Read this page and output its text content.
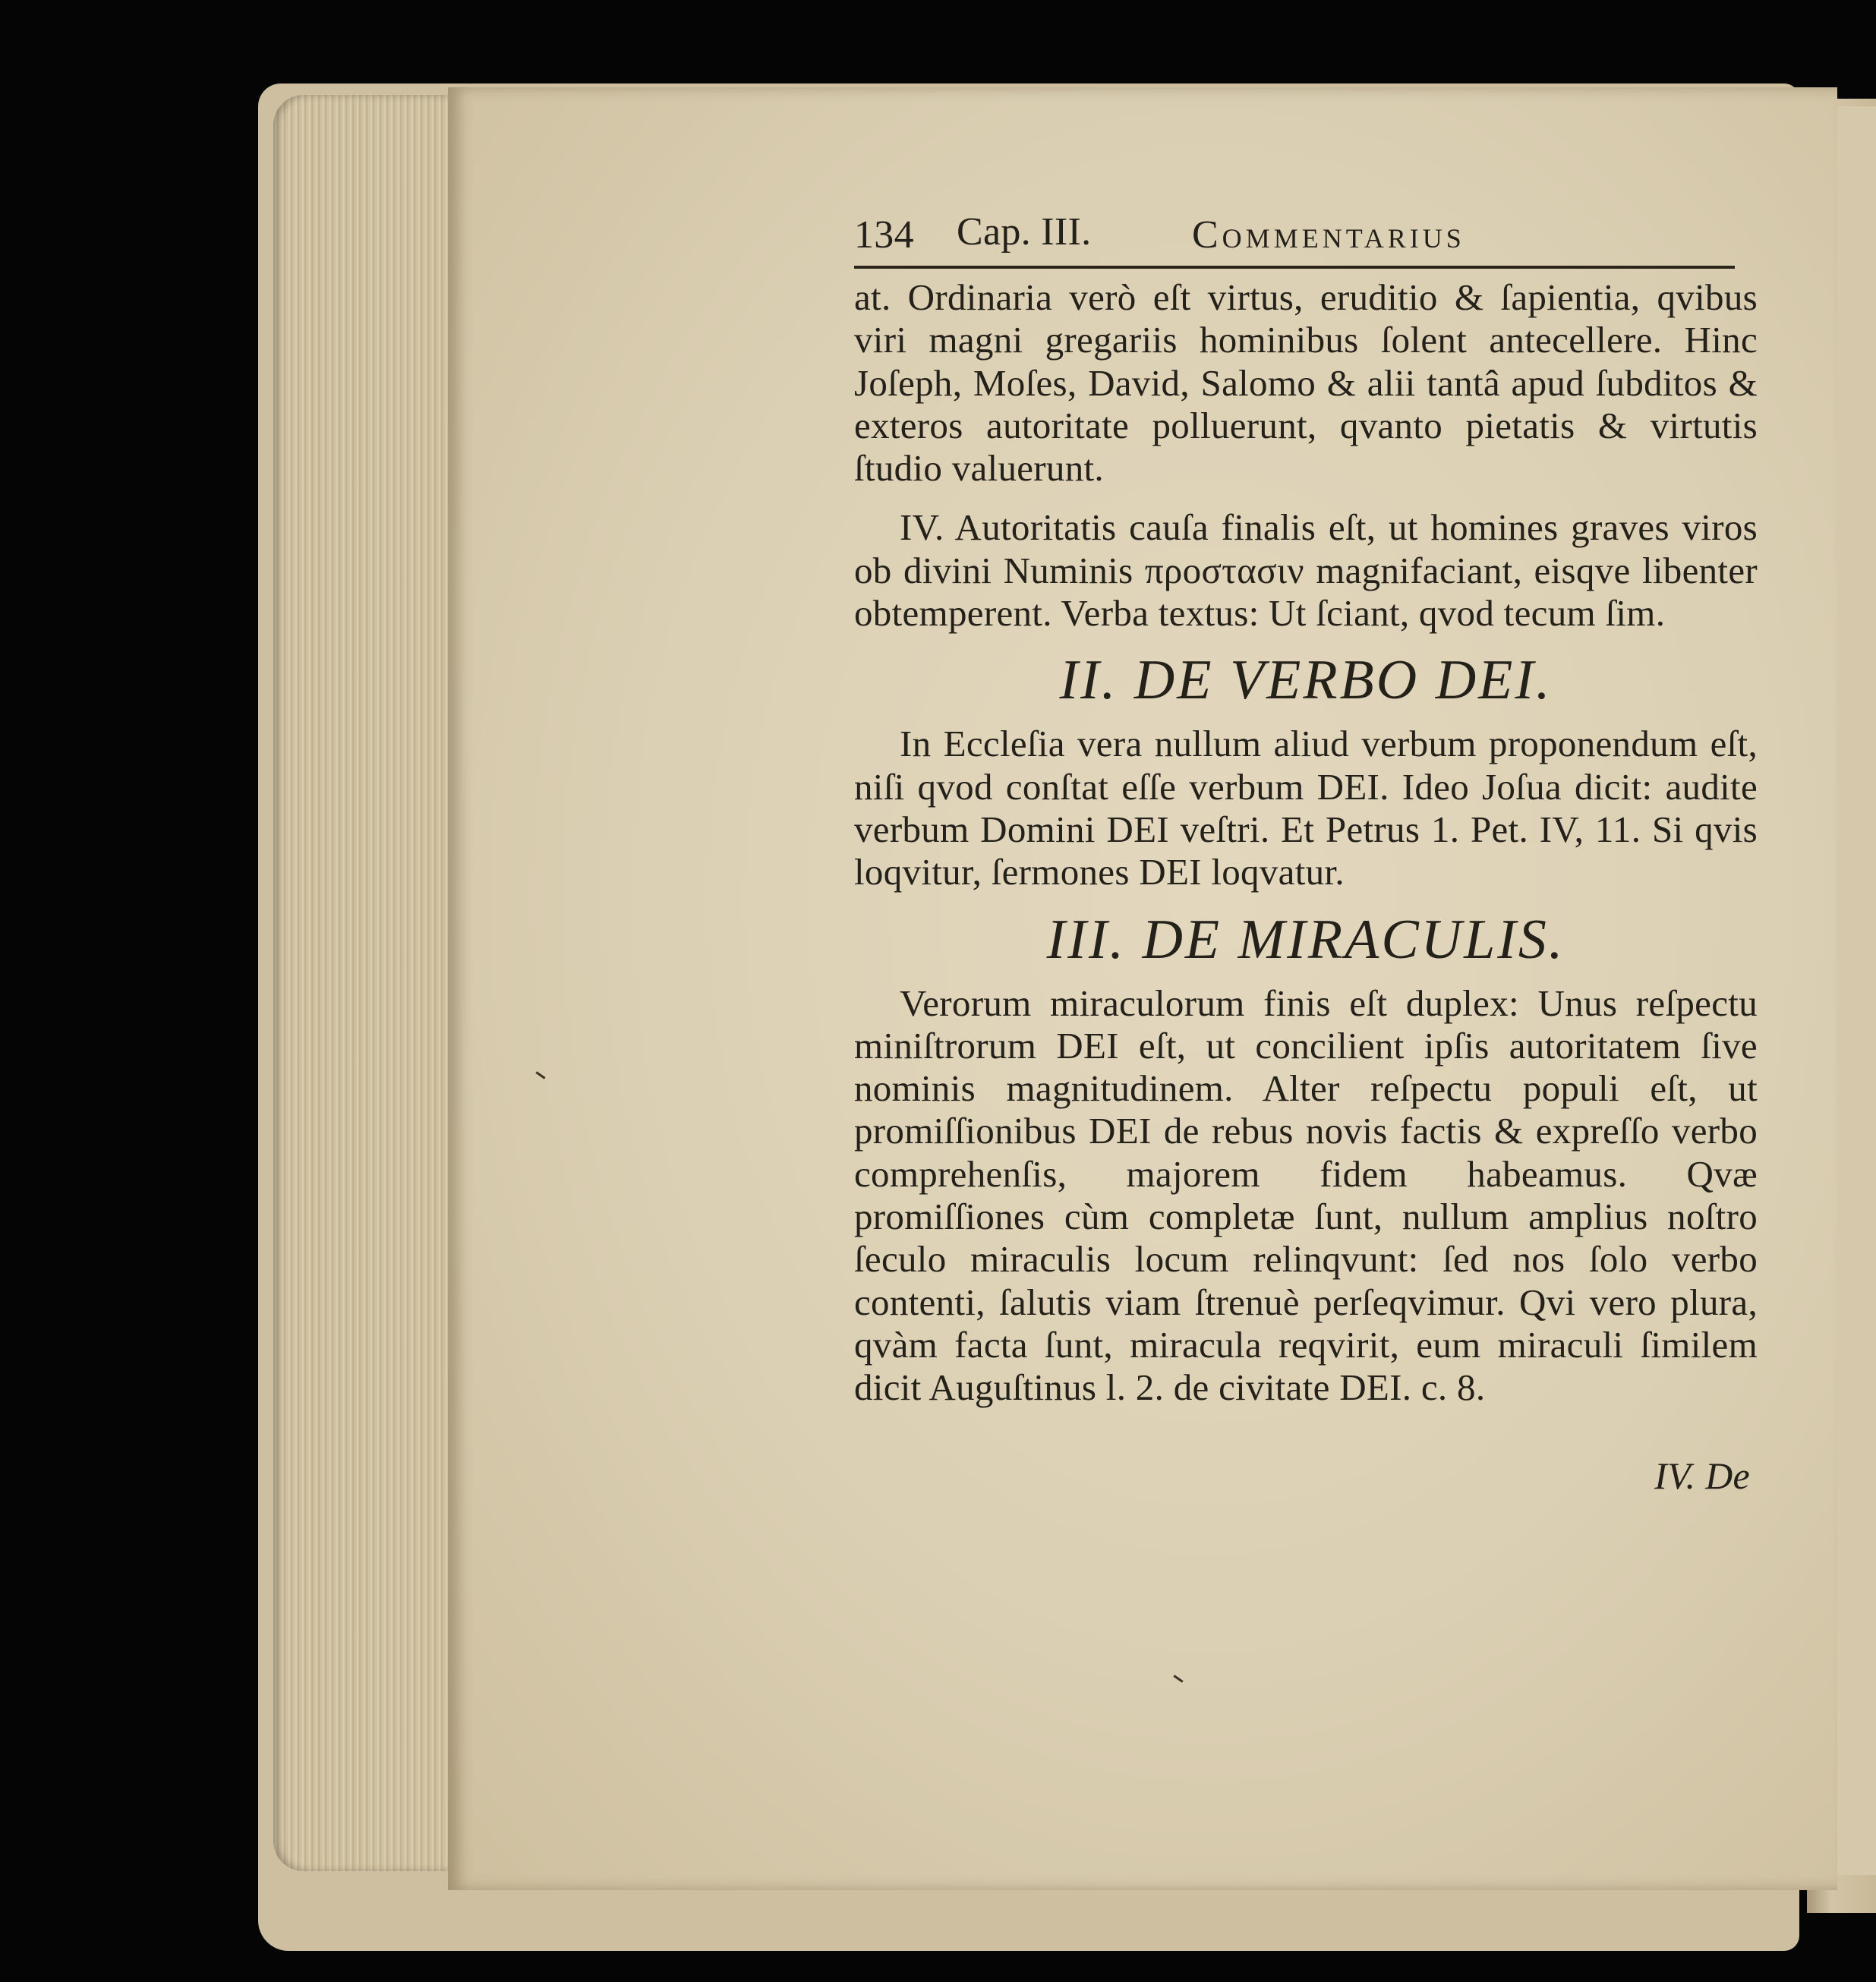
134 Cap. III.	Commentarius

at. Ordinaria verò eſt virtus, eruditio & ſapientia, qvibus viri magni gregariis hominibus ſolent antecellere. Hinc Joſeph, Moſes, David, Salomo & alii tantâ apud ſubditos & exteros autoritate polluerunt, qvanto pietatis & virtutis ſtudio valuerunt.

IV. Autoritatis cauſa finalis eſt, ut homines graves viros ob divini Numinis προστασιν magnifaciant, eisqve libenter obtemperent. Verba textus: Ut ſciant, qvod tecum ſim.

II. DE VERBO DEI.

In Eccleſia vera nullum aliud verbum proponendum eſt, niſi qvod conſtat eſſe verbum DEI. Ideo Joſua dicit: audite verbum Domini DEI veſtri. Et Petrus 1. Pet. IV, 11. Si qvis loqvitur, ſermones DEI loqvatur.

III. DE MIRACULIS.

Verorum miraculorum finis eſt duplex: Unus reſpectu miniſtrorum DEI eſt, ut concilient ipſis autoritatem ſive nominis magnitudinem. Alter reſpectu populi eſt, ut promiſſionibus DEI de rebus novis factis & expreſſo verbo comprehenſis, majorem fidem habeamus. Qvæ promiſſiones cùm completæ ſunt, nullum amplius noſtro ſeculo miraculis locum relinqvunt: ſed nos ſolo verbo contenti, ſalutis viam ſtrenuè perſeqvimur. Qvi vero plura, qvàm facta ſunt, miracula reqvirit, eum miraculi ſimilem dicit Auguſtinus l. 2. de civitate DEI. c. 8.

IV. De
